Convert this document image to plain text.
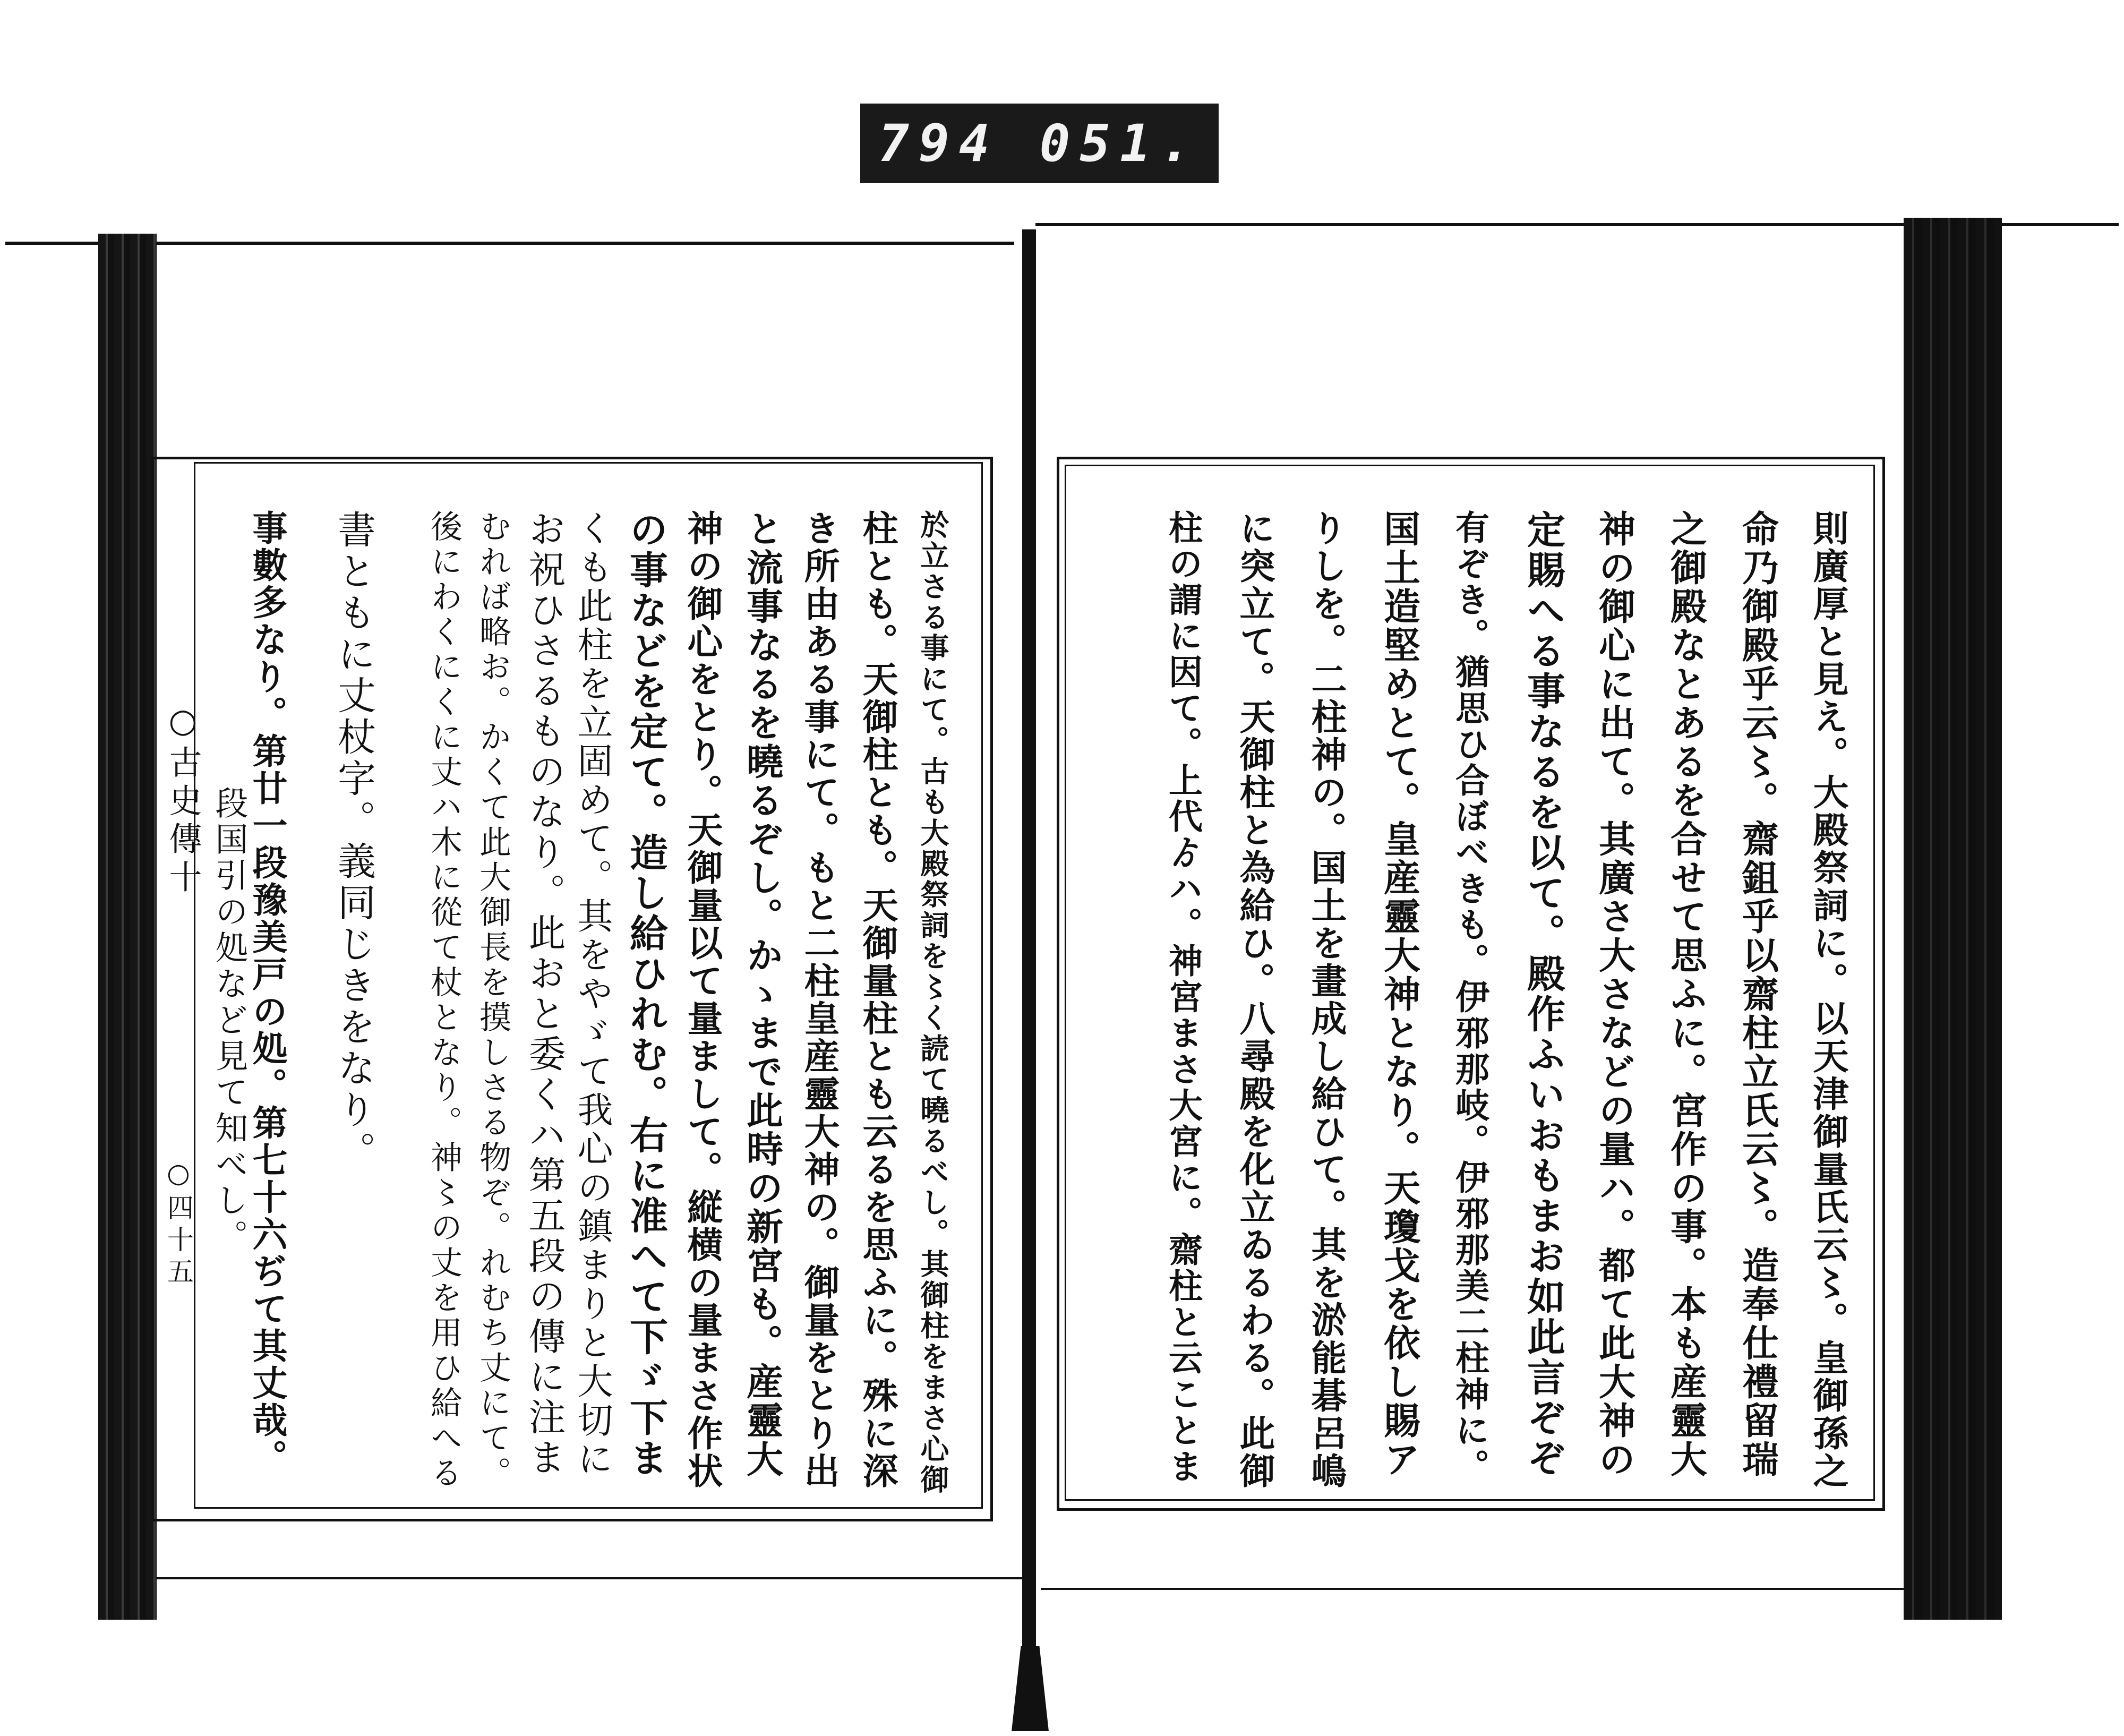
794 051.
○古史傳十
○四十五	於立さる事にて。古も大殿祭詞を〻く読て曉るべし。其御柱をまさ心御
柱とも。天御柱とも。天御量柱とも云るを思ふに。殊に深
き所由ある事にて。もと二柱皇産靈大神の。御量をとり出
と流事なるを曉るぞし。かゝまで此時の新宮も。産靈大
神の御心をとり。天御量以て量まして。縦横の量まさ作状
の事などを定て。造し給ひれむ。右に准へて下ゞ下ま
くも此柱を立固めて。其をやゞて我心の鎮まりと大切に
お祝ひさるものなり。此おと委くハ第五段の傳に注ま
むれば略お。かくて此大御長を摸しさる物ぞ。れむち丈にて。
後にわくにくに丈ハ木に從て杖となり。神〻の丈を用ひ給へる
書ともに丈杖字。義同じきをなり。
事數多なり。第廿一段豫美戸の処。第七十六ぢて其丈哉。
段国引の処など見て知べし。	則廣厚と見え。大殿祭詞に。以天津御量氏云〻。皇御孫之
命乃御殿乎云〻。齋鉏乎以齋柱立氏云〻。造奉仕禮留瑞
之御殿なとあるを合せて思ふに。宮作の事。本も産靈大
神の御心に出て。其廣さ大さなどの量ハ。都て此大神の
定賜へる事なるを以て。殿作ふいおもまお如此言ぞぞ
有ぞき。猶思ひ合ぼべきも。伊邪那岐。伊邪那美二柱神に。
国土造堅めとて。皇産靈大神となり。天瓊戈を依し賜ア
りしを。二柱神の。国土を畫成し給ひて。其を淤能碁呂嶋
に突立て。天御柱と為給ひ。八尋殿を化立ゐるわる。此御
柱の謂に因て。上代ゟハ。神宮まさ大宮に。齋柱と云ことま
